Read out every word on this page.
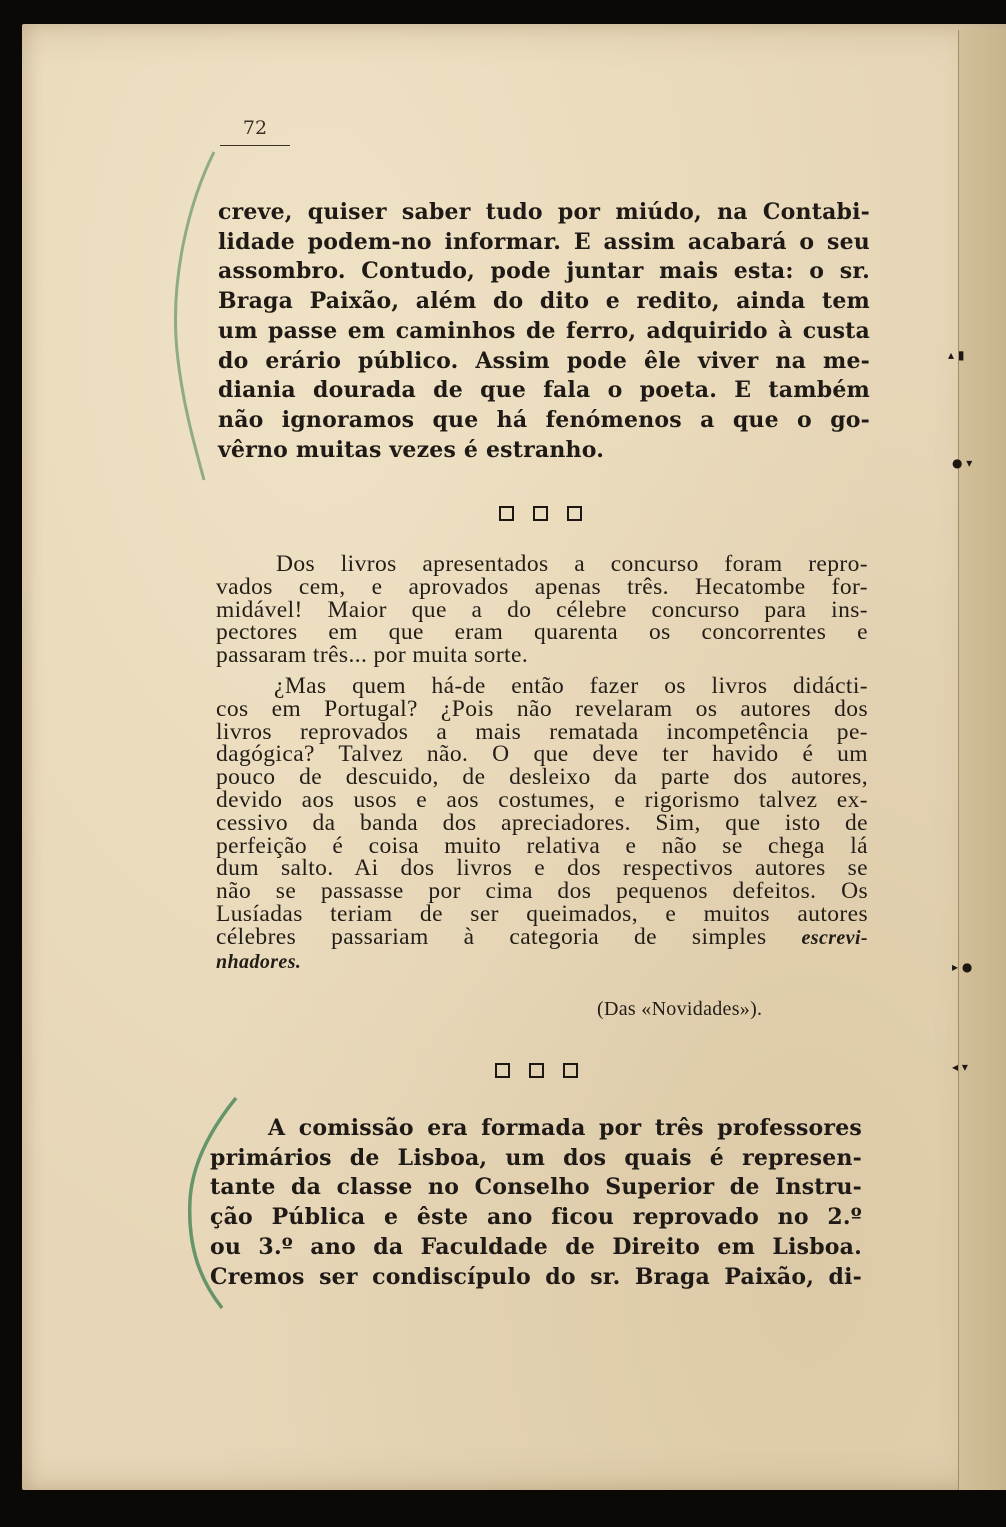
72
creve, quiser saber tudo por miúdo, na Contabi-
lidade podem-no informar. E assim acabará o seu
assombro. Contudo, pode juntar mais esta: o sr.
Braga Paixão, além do dito e redito, ainda tem
um passe em caminhos de ferro, adquirido à custa
do erário público. Assim pode êle viver na me-
diania dourada de que fala o poeta. E também
não ignoramos que há fenómenos a que o go-
vêrno muitas vezes é estranho.
Dos livros apresentados a concurso foram repro-
vados cem, e aprovados apenas três. Hecatombe for-
midável! Maior que a do célebre concurso para ins-
pectores em que eram quarenta os concorrentes e
passaram três... por muita sorte.
¿Mas quem há-de então fazer os livros didácti-
cos em Portugal? ¿Pois não revelaram os autores dos
livros reprovados a mais rematada incompetência pe-
dagógica? Talvez não. O que deve ter havido é um
pouco de descuido, de desleixo da parte dos autores,
devido aos usos e aos costumes, e rigorismo talvez ex-
cessivo da banda dos apreciadores. Sim, que isto de
perfeição é coisa muito relativa e não se chega lá
dum salto. Ai dos livros e dos respectivos autores se
não se passasse por cima dos pequenos defeitos. Os
Lusíadas teriam de ser queimados, e muitos autores
célebres passariam à categoria de simples escrevi-
nhadores.
(Das «Novidades»).
A comissão era formada por três professores
primários de Lisboa, um dos quais é represen-
tante da classe no Conselho Superior de Instru-
ção Pública e êste ano ficou reprovado no 2.º
ou 3.º ano da Faculdade de Direito em Lisboa.
Cremos ser condiscípulo do sr. Braga Paixão, di-
▴ ▮
● ▾
▸ ●
◂ ▾
